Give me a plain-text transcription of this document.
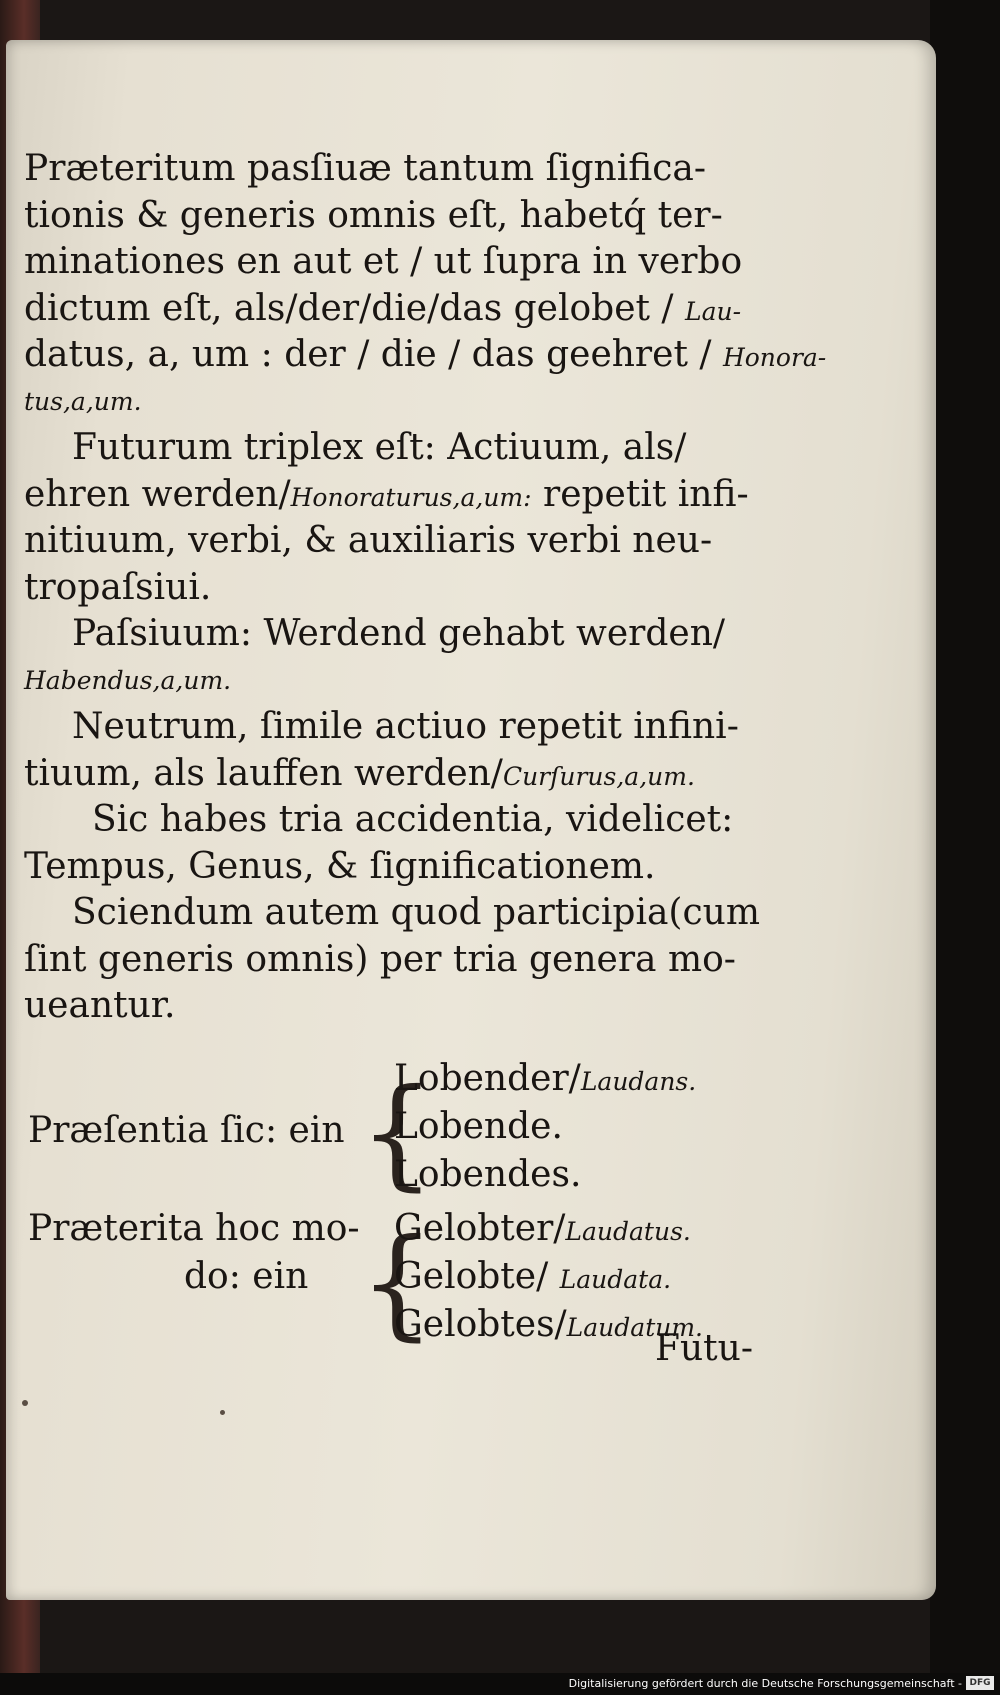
Præteritum pasſiuæ tantum ſignifica-
tionis & generis omnis eſt, habetq́ ter-
minationes en aut et / ut ſupra in verbo
dictum eſt, als/der/die/das gelobet / Lau-
datus, a, um : der / die / das geehret / Honora-
tus,a,um.
Futurum triplex eſt: Actiuum, als/
ehren werden/Honoraturus,a,um: repetit infi-
nitiuum, verbi, & auxiliaris verbi neu-
tropaſsiui.
Paſsiuum: Werdend gehabt werden/
Habendus,a,um.
Neutrum, ſimile actiuo repetit infini-
tiuum, als lauffen werden/Curſurus,a,um.
Sic habes tria accidentia, videlicet:
Tempus, Genus, & ſignificationem.
Sciendum autem quod participia(cum
ſint generis omnis) per tria genera mo-
ueantur.
Præſentia ſic: ein {
Lobender/Laudans.
Lobende.
Lobendes.
Præterita hoc mo-
do: ein {
Gelobter/Laudatus.
Gelobte/ Laudata.
Gelobtes/Laudatum.
Futu-
Digitalisierung gefördert durch die Deutsche Forschungsgemeinschaft - DFG
